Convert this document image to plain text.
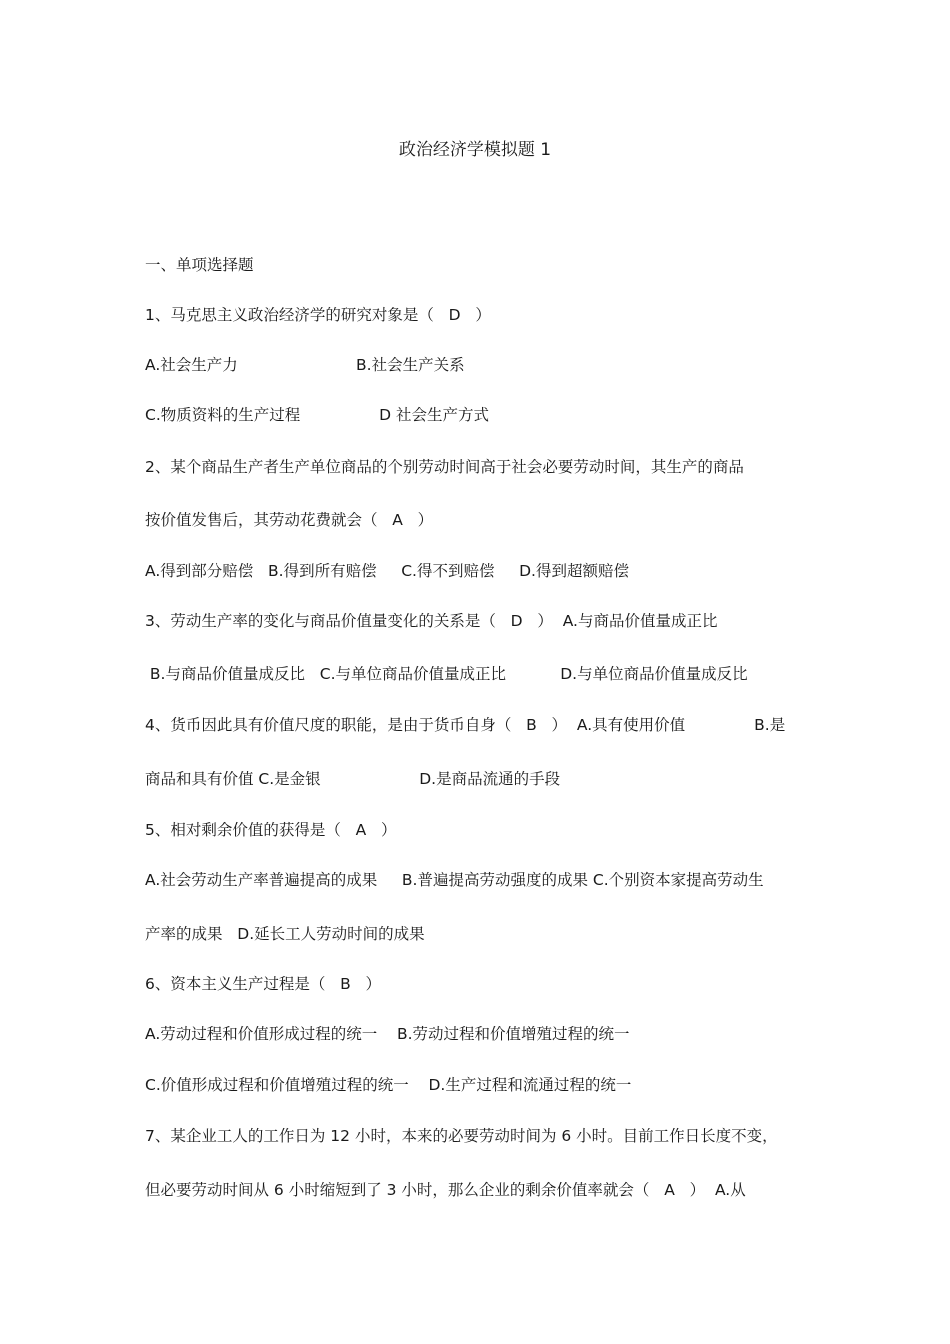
政治经济学模拟题 1
一、单项选择题
1、马克思主义政治经济学的研究对象是（   D   ）
A.社会生产力                        B.社会生产关系
C.物质资料的生产过程                D 社会生产方式
2、某个商品生产者生产单位商品的个别劳动时间高于社会必要劳动时间，其生产的商品
按价值发售后，其劳动花费就会（   A   ）
A.得到部分赔偿   B.得到所有赔偿     C.得不到赔偿     D.得到超额赔偿
3、劳动生产率的变化与商品价值量变化的关系是（   D   ）  A.与商品价值量成正比
B.与商品价值量成反比   C.与单位商品价值量成正比           D.与单位商品价值量成反比
4、货币因此具有价值尺度的职能，是由于货币自身（   B   ）  A.具有使用价值              B.是
商品和具有价值 C.是金银                    D.是商品流通的手段
5、相对剩余价值的获得是（   A   ）
A.社会劳动生产率普遍提高的成果     B.普遍提高劳动强度的成果 C.个别资本家提高劳动生
产率的成果   D.延长工人劳动时间的成果
6、资本主义生产过程是（   B   ）
A.劳动过程和价值形成过程的统一    B.劳动过程和价值增殖过程的统一
C.价值形成过程和价值增殖过程的统一    D.生产过程和流通过程的统一
7、某企业工人的工作日为 12 小时，本来的必要劳动时间为 6 小时。目前工作日长度不变，
但必要劳动时间从 6 小时缩短到了 3 小时，那么企业的剩余价值率就会（   A   ）  A.从
